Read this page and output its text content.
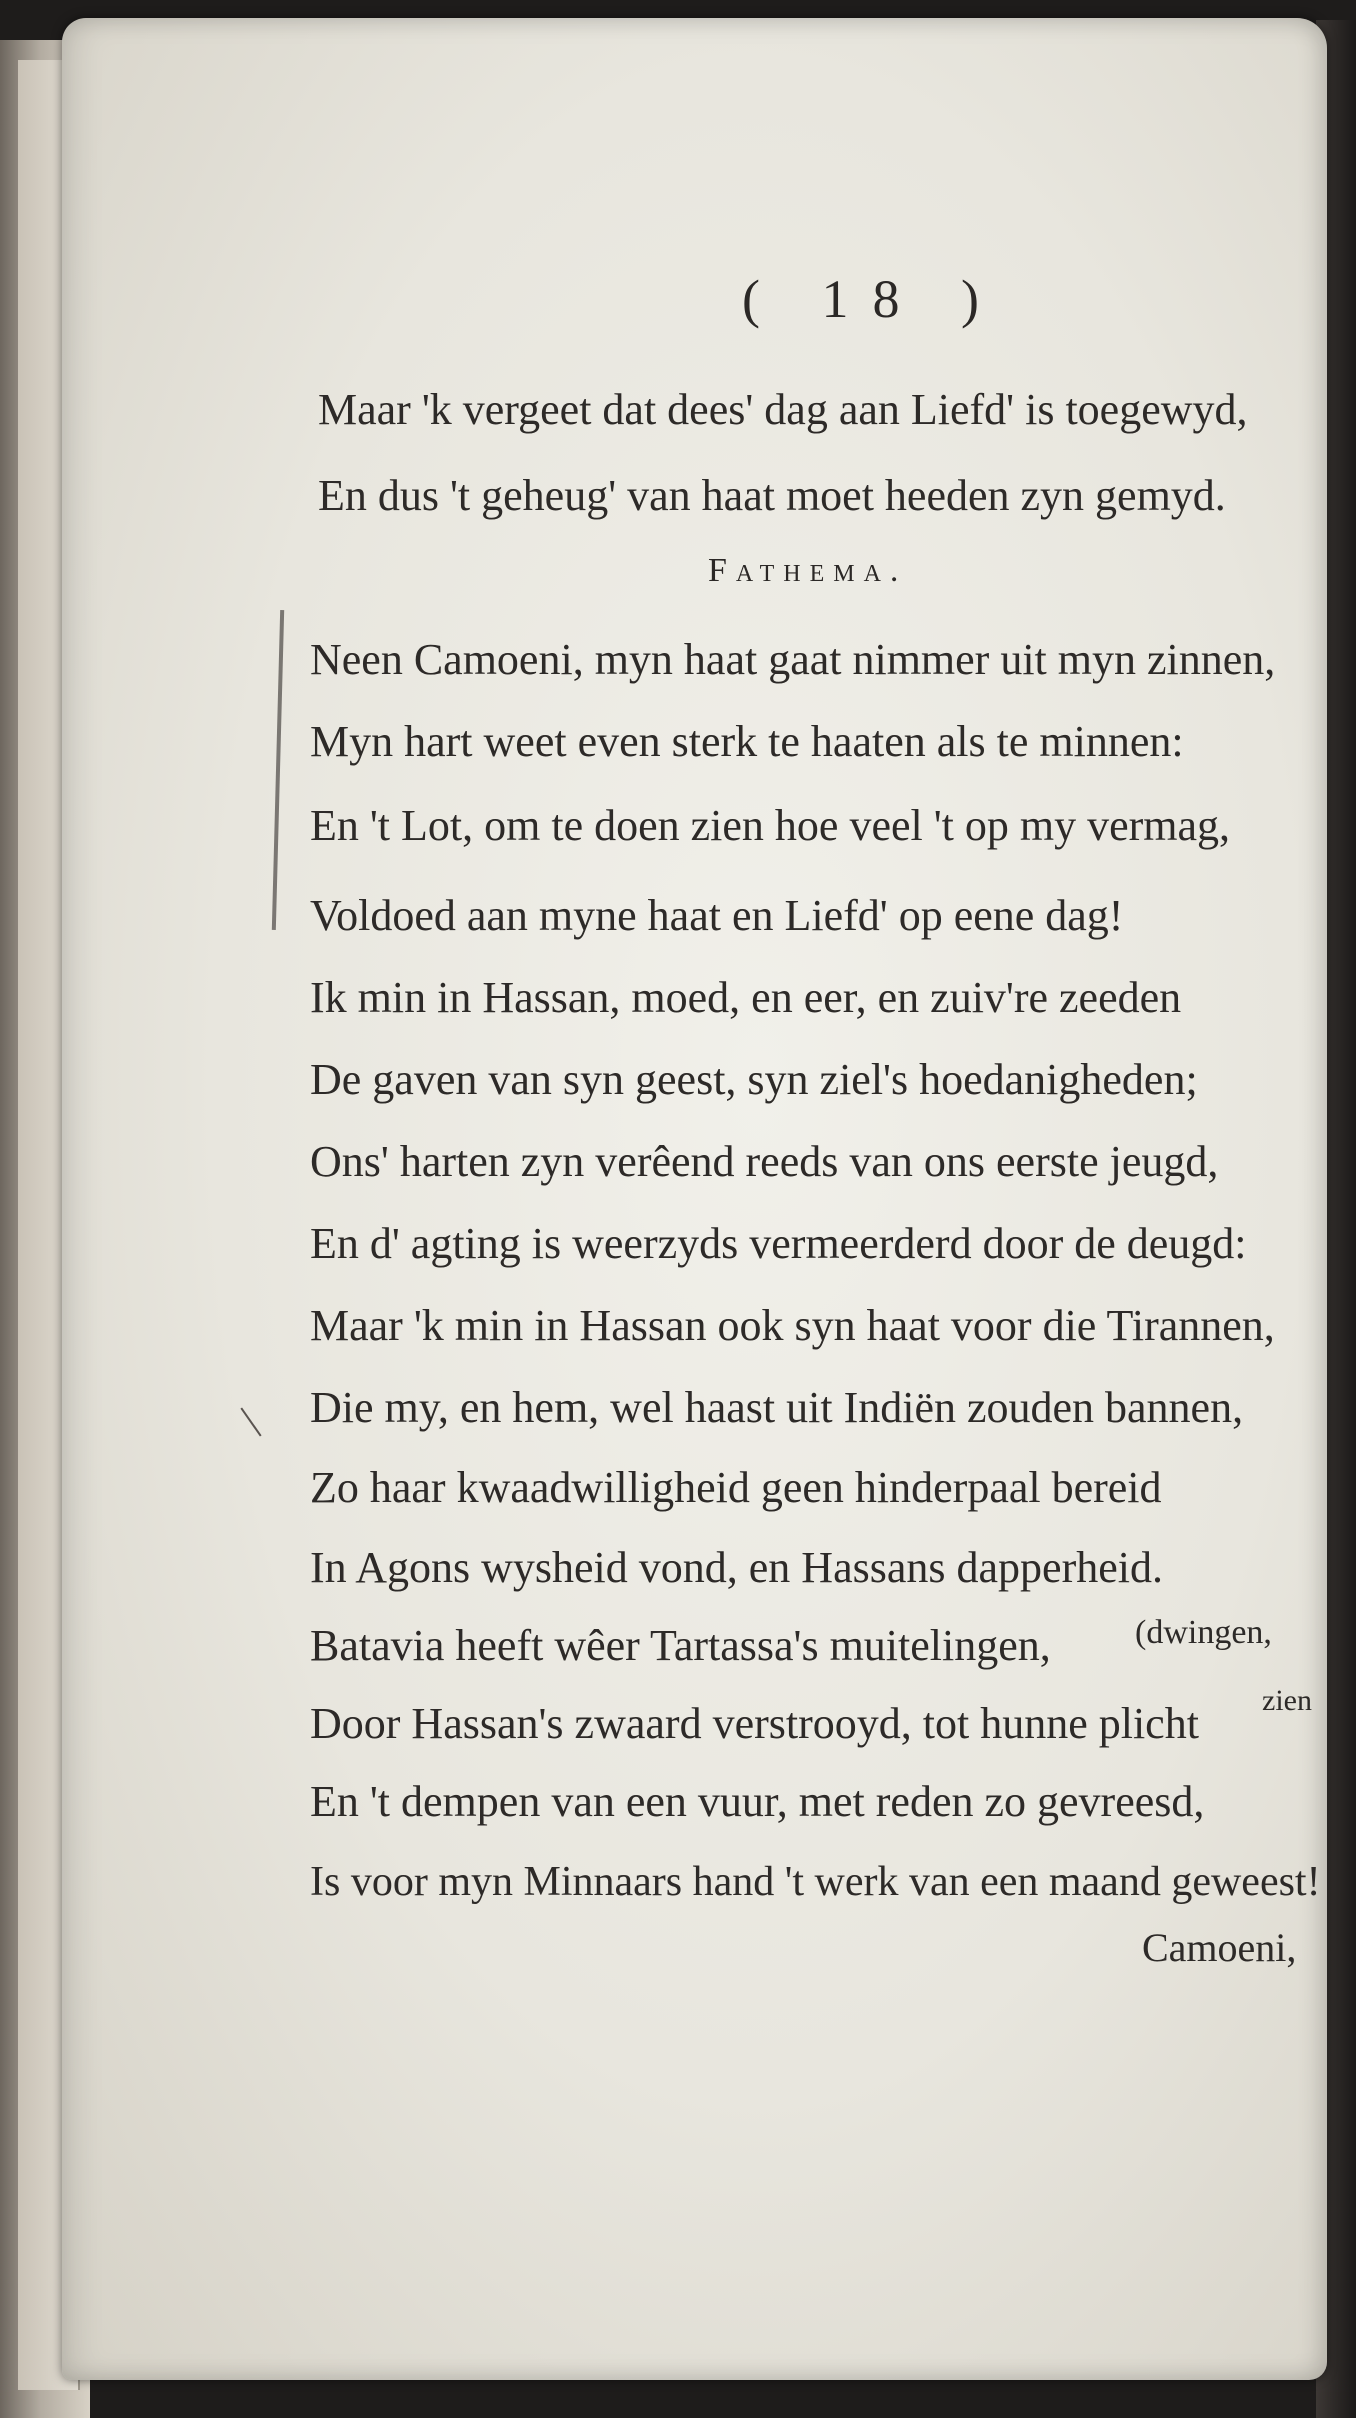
( 18 )
Maar 'k vergeet dat dees' dag aan Liefd' is toegewyd,
En dus 't geheug' van haat moet heeden zyn gemyd.
Fathema.
Neen Camoeni, myn haat gaat nimmer uit myn zinnen,
Myn hart weet even sterk te haaten als te minnen:
En 't Lot, om te doen zien hoe veel 't op my vermag,
Voldoed aan myne haat en Liefd' op eene dag!
Ik min in Hassan, moed, en eer, en zuiv're zeeden
De gaven van syn geest, syn ziel's hoedanigheden;
Ons' harten zyn verêend reeds van ons eerste jeugd,
En d' agting is weerzyds vermeerderd door de deugd:
Maar 'k min in Hassan ook syn haat voor die Tirannen,
Die my, en hem, wel haast uit Indiën zouden bannen,
Zo haar kwaadwilligheid geen hinderpaal bereid
In Agons wysheid vond, en Hassans dapperheid.
Batavia heeft wêer Tartassa's muitelingen,
Door Hassan's zwaard verstrooyd, tot hunne plicht
En 't dempen van een vuur, met reden zo gevreesd,
Is voor myn Minnaars hand 't werk van een maand geweest!
(dwingen,
zien
Camoeni,
